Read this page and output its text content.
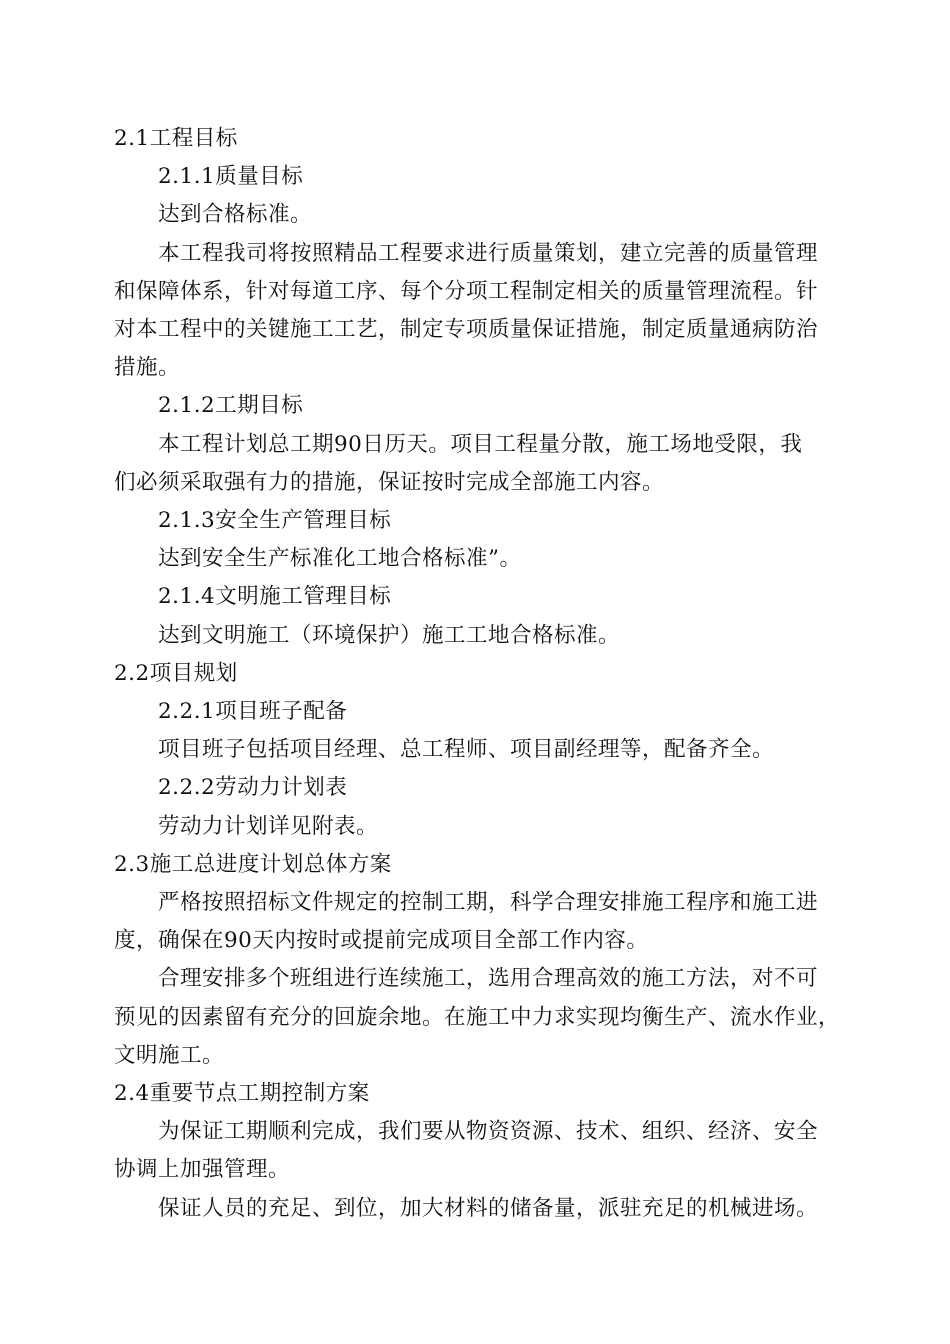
2.1工程目标

2.1.1质量目标

达到合格标准。

本工程我司将按照精品工程要求进行质量策划，建立完善的质量管理

和保障体系，针对每道工序、每个分项工程制定相关的质量管理流程。针

对本工程中的关键施工工艺，制定专项质量保证措施，制定质量通病防治

措施。

2.1.2工期目标

本工程计划总工期90日历天。项目工程量分散，施工场地受限，我

们必须采取强有力的措施，保证按时完成全部施工内容。

2.1.3安全生产管理目标

达到安全生产标准化工地合格标准”。

2.1.4文明施工管理目标

达到文明施工（环境保护）施工工地合格标准。

2.2项目规划

2.2.1项目班子配备

项目班子包括项目经理、总工程师、项目副经理等，配备齐全。

2.2.2劳动力计划表

劳动力计划详见附表。

2.3施工总进度计划总体方案

严格按照招标文件规定的控制工期，科学合理安排施工程序和施工进

度，确保在90天内按时或提前完成项目全部工作内容。

合理安排多个班组进行连续施工，选用合理高效的施工方法，对不可

预见的因素留有充分的回旋余地。在施工中力求实现均衡生产、流水作业，

文明施工。

2.4重要节点工期控制方案

为保证工期顺利完成，我们要从物资资源、技术、组织、经济、安全

协调上加强管理。

保证人员的充足、到位，加大材料的储备量，派驻充足的机械进场。
